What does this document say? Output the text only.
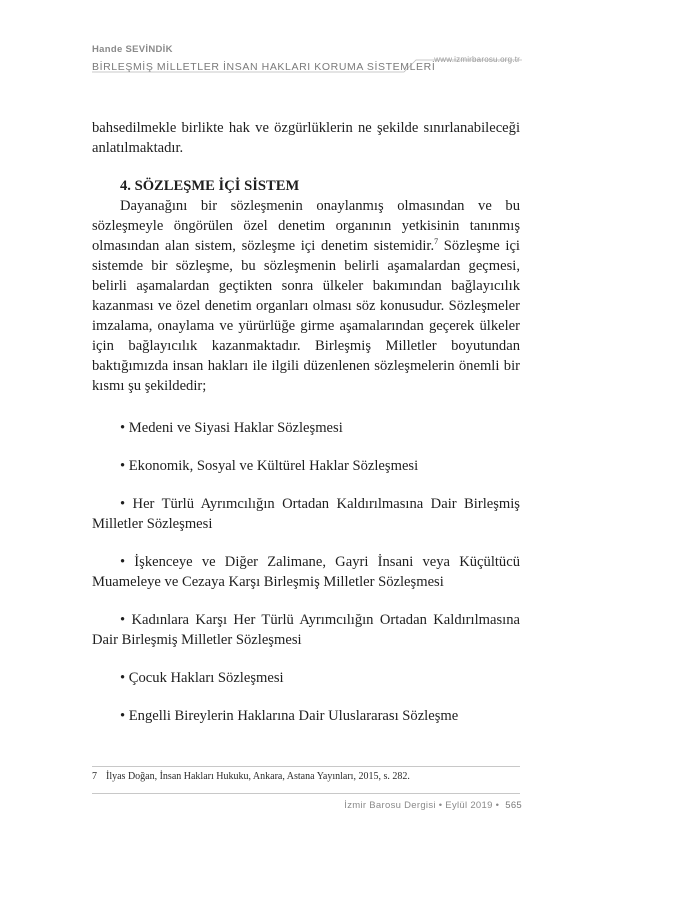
Hande SEVİNDİK
BİRLEŞMİŞ MİLLETLER İNSAN HAKLARI KORUMA SİSTEMLERİ
www.izmirbarosu.org.tr

bahsedilmekle birlikte hak ve özgürlüklerin ne şekilde sınırlanabileceği anlatılmaktadır.

4. SÖZLEŞME İÇİ SİSTEM

Dayanağını bir sözleşmenin onaylanmış olmasından ve bu sözleşmeyle öngörülen özel denetim organının yetkisinin tanınmış olmasından alan sistem, sözleşme içi denetim sistemidir.$^7$ Sözleşme içi sistemde bir sözleşme, bu sözleşmenin belirli aşamalardan geçmesi, belirli aşamalardan geçtikten sonra ülkeler bakımından bağlayıcılık kazanması ve özel denetim organları olması söz konusudur. Sözleşmeler imzalama, onaylama ve yürürlüğe girme aşamalarından geçerek ülkeler için bağlayıcılık kazanmaktadır. Birleşmiş Milletler boyutundan baktığımızda insan hakları ile ilgili düzenlenen sözleşmelerin önemli bir kısmı şu şekildedir;

• Medeni ve Siyasi Haklar Sözleşmesi
• Ekonomik, Sosyal ve Kültürel Haklar Sözleşmesi
• Her Türlü Ayrımcılığın Ortadan Kaldırılmasına Dair Birleşmiş Milletler Sözleşmesi
• İşkenceye ve Diğer Zalimane, Gayri İnsani veya Küçültücü Muameleye ve Cezaya Karşı Birleşmiş Milletler Sözleşmesi
• Kadınlara Karşı Her Türlü Ayrımcılığın Ortadan Kaldırılmasına Dair Birleşmiş Milletler Sözleşmesi
• Çocuk Hakları Sözleşmesi
• Engelli Bireylerin Haklarına Dair Uluslararası Sözleşme
7 İlyas Doğan, İnsan Hakları Hukuku, Ankara, Astana Yayınları, 2015, s. 282.
İzmir Barosu Dergisi • Eylül 2019 • 565
